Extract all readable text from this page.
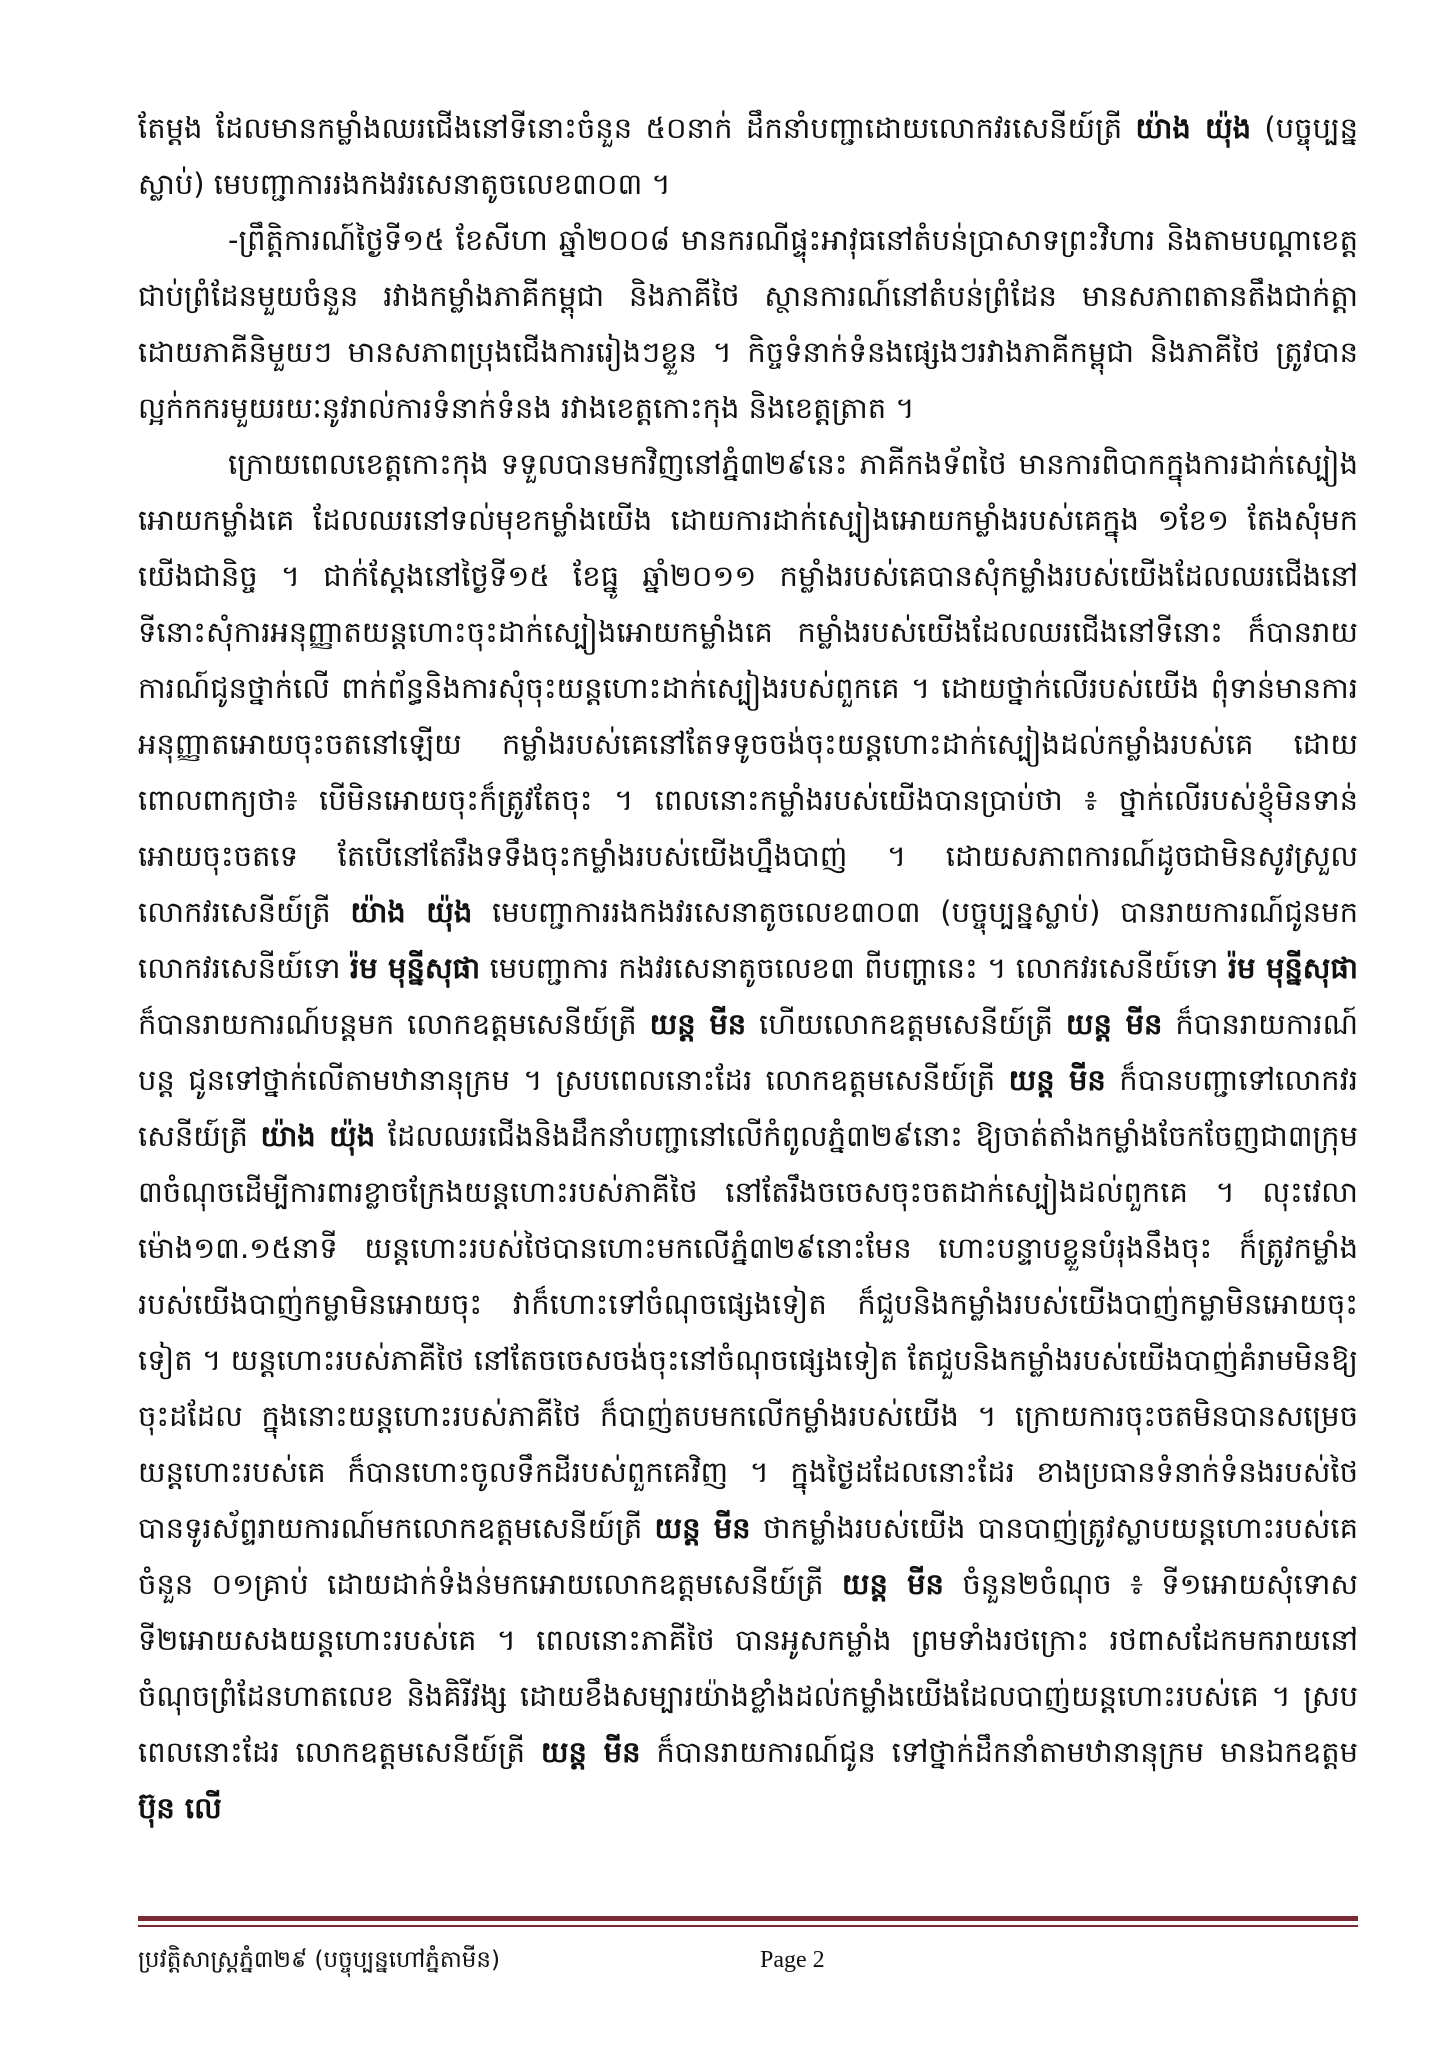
តែម្តង ដែលមានកម្លាំងឈរជើងនៅទីនោះចំនួន ៥០នាក់ ដឹកនាំបញ្ជាដោយលោកវរសេនីយ៍ត្រី យ៉ាង យ៉ុង (បច្ចុប្បន្នស្លាប់) មេបញ្ជាការរងកងវរសេនាតូចលេខ៣០៣ ។

-ព្រឹត្តិការណ៍ថ្ងៃទី១៥ ខែសីហា ឆ្នាំ២០០៨ មានករណីផ្ទុះអាវុធនៅតំបន់ប្រាសាទព្រះវិហារ និងតាមបណ្តាខេត្តជាប់ព្រំដែនមួយចំនួន រវាងកម្លាំងភាគីកម្ពុជា និងភាគីថៃ ស្ថានការណ៍នៅតំបន់ព្រំដែន មានសភាពតានតឹងជាក់ត្ដា ដោយភាគីនិមួយៗ មានសភាពប្រុងជើងការរៀងៗខ្លួន ។ កិច្ចទំនាក់ទំនងផ្សេងៗរវាងភាគីកម្ពុជា និងភាគីថៃ ត្រូវបានល្អក់កករមួយរយៈនូវរាល់ការទំនាក់ទំនង រវាងខេត្តកោះកុង និងខេត្តត្រាត ។

ក្រោយពេលខេត្តកោះកុង ទទួលបានមកវិញនៅភ្នំ៣២៩នេះ ភាគីកងទ័ពថៃ មានការពិបាកក្នុងការដាក់ស្បៀងអោយកម្លាំងគេ ដែលឈរនៅទល់មុខកម្លាំងយើង ដោយការដាក់ស្បៀងអោយកម្លាំងរបស់គេក្នុង ១ខែ១ តែងសុំមកយើងជានិច្ច ។ ជាក់ស្តែងនៅថ្ងៃទី១៥ ខែធ្នូ ឆ្នាំ២០១១ កម្លាំងរបស់គេបានសុំកម្លាំងរបស់យើងដែលឈរជើងនៅទីនោះសុំការអនុញ្ញាតយន្តហោះចុះដាក់ស្បៀងអោយកម្លាំងគេ កម្លាំងរបស់យើងដែលឈរជើងនៅទីនោះ ក៏បានរាយការណ៍ជូនថ្នាក់លើ ពាក់ព័ន្ធនិងការសុំចុះយន្តហោះដាក់ស្បៀងរបស់ពួកគេ ។ ដោយថ្នាក់លើរបស់យើង ពុំទាន់មានការអនុញ្ញាតអោយចុះចតនៅឡើយ កម្លាំងរបស់គេនៅតែទទូចចង់ចុះយន្តហោះដាក់ស្បៀងដល់កម្លាំងរបស់គេ ដោយពោលពាក្យថា៖ បើមិនអោយចុះក៏ត្រូវតែចុះ ។ ពេលនោះកម្លាំងរបស់យើងបានប្រាប់ថា ៖ ថ្នាក់លើរបស់ខ្ញុំមិនទាន់អោយចុះចតទេ តែបើនៅតែរឹងទទឹងចុះកម្លាំងរបស់យើងហ្នឹងបាញ់ ។ ដោយសភាពការណ៍ដូចជាមិនសូវស្រួល លោកវរសេនីយ៍ត្រី យ៉ាង យ៉ុង មេបញ្ជាការរងកងវរសេនាតូចលេខ៣០៣ (បច្ចុប្បន្នស្លាប់) បានរាយការណ៍ជូនមក លោកវរសេនីយ៍ទោ រ៉ម មុន្នីសុផា មេបញ្ជាការ កងវរសេនាតូចលេខ៣ ពីបញ្ហានេះ ។ លោកវរសេនីយ៍ទោ រ៉ម មុន្នីសុផា ក៏បានរាយការណ៍បន្តមក លោកឧត្តមសេនីយ៍ត្រី យន្ត មីន ហើយលោកឧត្តមសេនីយ៍ត្រី យន្ត មីន ក៏បានរាយការណ៍បន្ត ជូនទៅថ្នាក់លើតាមឋានានុក្រម ។ ស្របពេលនោះដែរ លោកឧត្តមសេនីយ៍ត្រី យន្ត មីន ក៏បានបញ្ជាទៅលោកវរសេនីយ៍ត្រី យ៉ាង យ៉ុង ដែលឈរជើងនិងដឹកនាំបញ្ជានៅលើកំពូលភ្នំ៣២៩នោះ ឱ្យចាត់តាំងកម្លាំងចែកចែញជា៣ក្រុម ៣ចំណុចដើម្បីការពារខ្លាចក្រែងយន្តហោះរបស់ភាគីថៃ នៅតែរឹងចចេសចុះចតដាក់ស្បៀងដល់ពួកគេ ។ លុះវេលាម៉ោង១៣.១៥នាទី យន្តហោះរបស់ថៃបានហោះមកលើភ្នំ៣២៩នោះមែន ហោះបន្ទាបខ្លួនបំរុងនឹងចុះ ក៏ត្រូវកម្លាំងរបស់យើងបាញ់កម្លាមិនអោយចុះ វាក៏ហោះទៅចំណុចផ្សេងទៀត ក៏ជួបនិងកម្លាំងរបស់យើងបាញ់កម្លាមិនអោយចុះទៀត ។ យន្តហោះរបស់ភាគីថៃ នៅតែចចេសចង់ចុះនៅចំណុចផ្សេងទៀត តែជួបនិងកម្លាំងរបស់យើងបាញ់គំរាមមិនឱ្យចុះដដែល ក្នុងនោះយន្តហោះរបស់ភាគីថៃ ក៏បាញ់តបមកលើកម្លាំងរបស់យើង ។ ក្រោយការចុះចតមិនបានសម្រេចយន្តហោះរបស់គេ ក៏បានហោះចូលទឹកដីរបស់ពួកគេវិញ ។ ក្នុងថ្ងៃដដែលនោះដែរ ខាងប្រធានទំនាក់ទំនងរបស់ថៃ បានទូរស័ព្ទរាយការណ៍មកលោកឧត្តមសេនីយ៍ត្រី យន្ត មីន ថាកម្លាំងរបស់យើង បានបាញ់ត្រូវស្លាបយន្តហោះរបស់គេចំនួន ០១គ្រាប់ ដោយដាក់ទំងន់មកអោយលោកឧត្តមសេនីយ៍ត្រី យន្ត មីន ចំនួន២ចំណុច ៖ ទី១អោយសុំទោស ទី២អោយសងយន្តហោះរបស់គេ ។ ពេលនោះភាគីថៃ បានអូសកម្លាំង ព្រមទាំងរថក្រោះ រថពាសដែកមករាយនៅចំណុចព្រំដែនហាតលេខ និងគិរីវង្ស ដោយខឹងសម្បារយ៉ាងខ្លាំងដល់កម្លាំងយើងដែលបាញ់យន្តហោះរបស់គេ ។ ស្របពេលនោះដែរ លោកឧត្តមសេនីយ៍ត្រី យន្ត មីន ក៏បានរាយការណ៍ជូន ទៅថ្នាក់ដឹកនាំតាមឋានានុក្រម មានឯកឧត្តម ប៊ុន លើ

ប្រវត្តិសាស្ត្រភ្នំ៣២៩ (បច្ចុប្បន្នហៅភ្នំតាមីន)	Page 2
